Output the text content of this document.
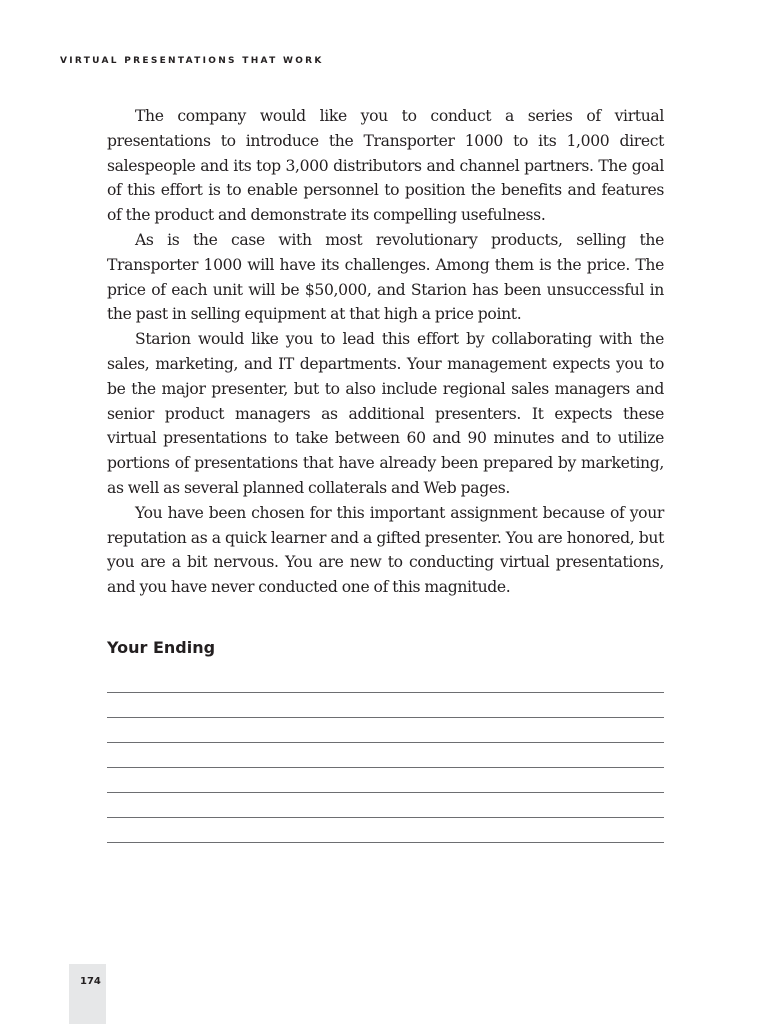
VIRTUAL PRESENTATIONS THAT WORK

The company would like you to conduct a series of virtual presentations to introduce the Transporter 1000 to its 1,000 direct salespeople and its top 3,000 distributors and channel partners. The goal of this effort is to enable personnel to position the benefits and features of the product and demonstrate its compelling usefulness.

As is the case with most revolutionary products, selling the Transporter 1000 will have its challenges. Among them is the price. The price of each unit will be $50,000, and Starion has been unsuccessful in the past in selling equipment at that high a price point.

Starion would like you to lead this effort by collaborating with the sales, marketing, and IT departments. Your management expects you to be the major presenter, but to also include regional sales managers and senior product managers as additional presenters. It expects these virtual presentations to take between 60 and 90 minutes and to utilize portions of presentations that have already been prepared by marketing, as well as several planned collaterals and Web pages.

You have been chosen for this important assignment because of your reputation as a quick learner and a gifted presenter. You are honored, but you are a bit nervous. You are new to conducting virtual presentations, and you have never conducted one of this magnitude.

Your Ending
174
